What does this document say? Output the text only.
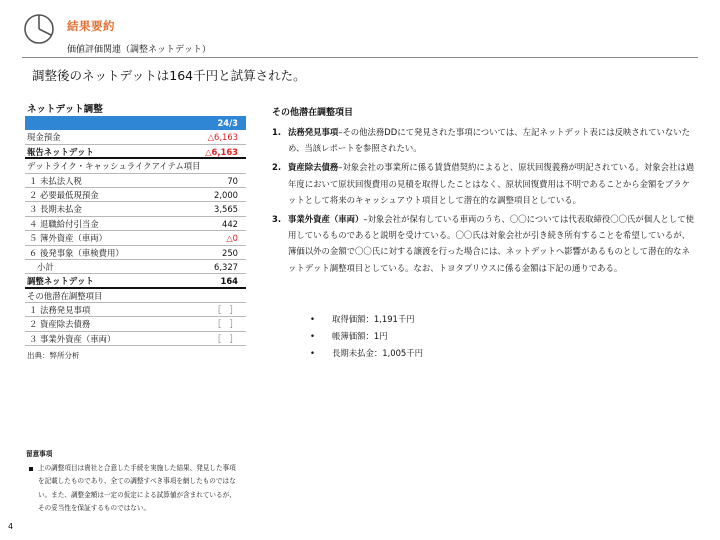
結果要約
価値評価関連（調整ネットデット）
調整後のネットデットは164千円と試算された。
ネットデット調整
24/3
現金預金	△6,163
報告ネットデット	△6,163
デットライク・キャッシュライクアイテム項目
１ 未払法人税	70
２ 必要最低現預金	2,000
３ 長期未払金	3,565
４ 退職給付引当金	442
５ 簿外資産（車両）	△0
６ 後発事象（車検費用）	250
小計	6,327
調整ネットデット	164
その他潜在調整項目
１ 法務発見事項	［　］
２ 資産除去債務	［　］
３ 事業外資産（車両）	［　］
出典：弊所分析
その他潜在調整項目
1. 法務発見事項–その他法務DDにて発見された事項については、左記ネットデット表には反映されていないため、当該レポートを参照されたい。
2. 資産除去債務–対象会社の事業所に係る賃貸借契約によると、原状回復義務が明記されている。対象会社は過年度において原状回復費用の見積を取得したことはなく、原状回復費用は不明であることから金額をブラケットとして将来のキャッシュアウト項目として潜在的な調整項目としている。
3. 事業外資産（車両）–対象会社が保有している車両のうち、〇〇については代表取締役〇〇氏が個人として使用しているものであると説明を受けている。〇〇氏は対象会社が引き続き所有することを希望しているが、簿価以外の金額で〇〇氏に対する譲渡を行った場合には、ネットデットへ影響があるものとして潜在的なネットデット調整項目としている。なお、トヨタプリウスに係る金額は下記の通りである。
• 取得価額：1,191千円
• 帳簿価額：1円
• 長期未払金：1,005千円
留意事項
上の調整項目は貴社と合意した手続を実施した結果、発見した事項を記載したものであり、全ての調整すべき事項を網したものではない。また、調整金額は一定の仮定による試算値が含まれているが、その妥当性を保証するものではない。
4
